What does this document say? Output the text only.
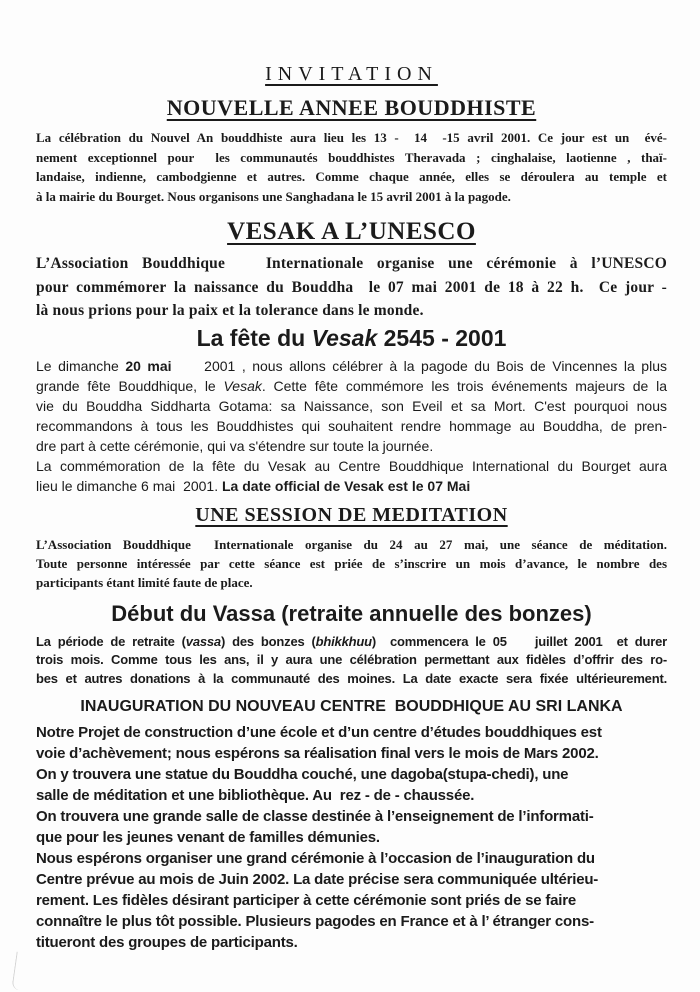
INVITATION
NOUVELLE ANNEE BOUDDHISTE
La célébration du Nouvel An bouddhiste aura lieu les 13 -  14  -15 avril 2001. Ce jour est un  évé-
nement exceptionnel pour  les communautés bouddhistes Theravada ; cinghalaise, laotienne , thaï-
landaise, indienne, cambodgienne et autres. Comme chaque année, elles se déroulera au temple et
à la mairie du Bourget. Nous organisons une Sanghadana le 15 avril 2001 à la pagode.
VESAK A L’UNESCO
L’Association Bouddhique   Internationale organise une cérémonie à l’UNESCO
pour commémorer la naissance du Bouddha  le 07 mai 2001 de 18 à 22 h.  Ce jour -
là nous prions pour la paix et la tolerance dans le monde.
La fête du Vesak 2545 - 2001
Le dimanche 20 mai     2001 , nous allons célébrer à la pagode du Bois de Vincennes la plus
grande fête Bouddhique, le Vesak. Cette fête commémore les trois événements majeurs de la
vie du Bouddha Siddharta Gotama: sa Naissance, son Eveil et sa Mort. C'est pourquoi nous
recommandons à tous les Bouddhistes qui souhaitent rendre hommage au Bouddha, de pren-
dre part à cette cérémonie, qui va s'étendre sur toute la journée.
La commémoration de la fête du Vesak au Centre Bouddhique International du Bourget aura
lieu le dimanche 6 mai  2001. La date official de Vesak est le 07 Mai
UNE SESSION DE MEDITATION
L’Association Bouddhique  Internationale organise du 24 au 27 mai, une séance de méditation.
Toute personne intéressée par cette séance est priée de s’inscrire un mois d’avance, le nombre des
participants étant limité faute de place.
Début du Vassa (retraite annuelle des bonzes)
La période de retraite (vassa) des bonzes (bhikkhuu)  commencera le 05    juillet 2001  et durer
trois mois. Comme tous les ans, il y aura une célébration permettant aux fidèles d’offrir des ro-
bes et autres donations à la communauté des moines. La date exacte sera fixée ultérieurement.
INAUGURATION DU NOUVEAU CENTRE  BOUDDHIQUE AU SRI LANKA
Notre Projet de construction d’une école et d’un centre d’études bouddhiques est
voie d’achèvement; nous espérons sa réalisation final vers le mois de Mars 2002.
On y trouvera une statue du Bouddha couché, une dagoba(stupa-chedi), une
salle de méditation et une bibliothèque. Au  rez - de - chaussée.
On trouvera une grande salle de classe destinée à l’enseignement de l’informati-
que pour les jeunes venant de familles démunies.
Nous espérons organiser une grand cérémonie à l’occasion de l’inauguration du
Centre prévue au mois de Juin 2002. La date précise sera communiquée ultérieu-
rement. Les fidèles désirant participer à cette cérémonie sont priés de se faire
connaître le plus tôt possible. Plusieurs pagodes en France et à l’ étranger cons-
titueront des groupes de participants.
